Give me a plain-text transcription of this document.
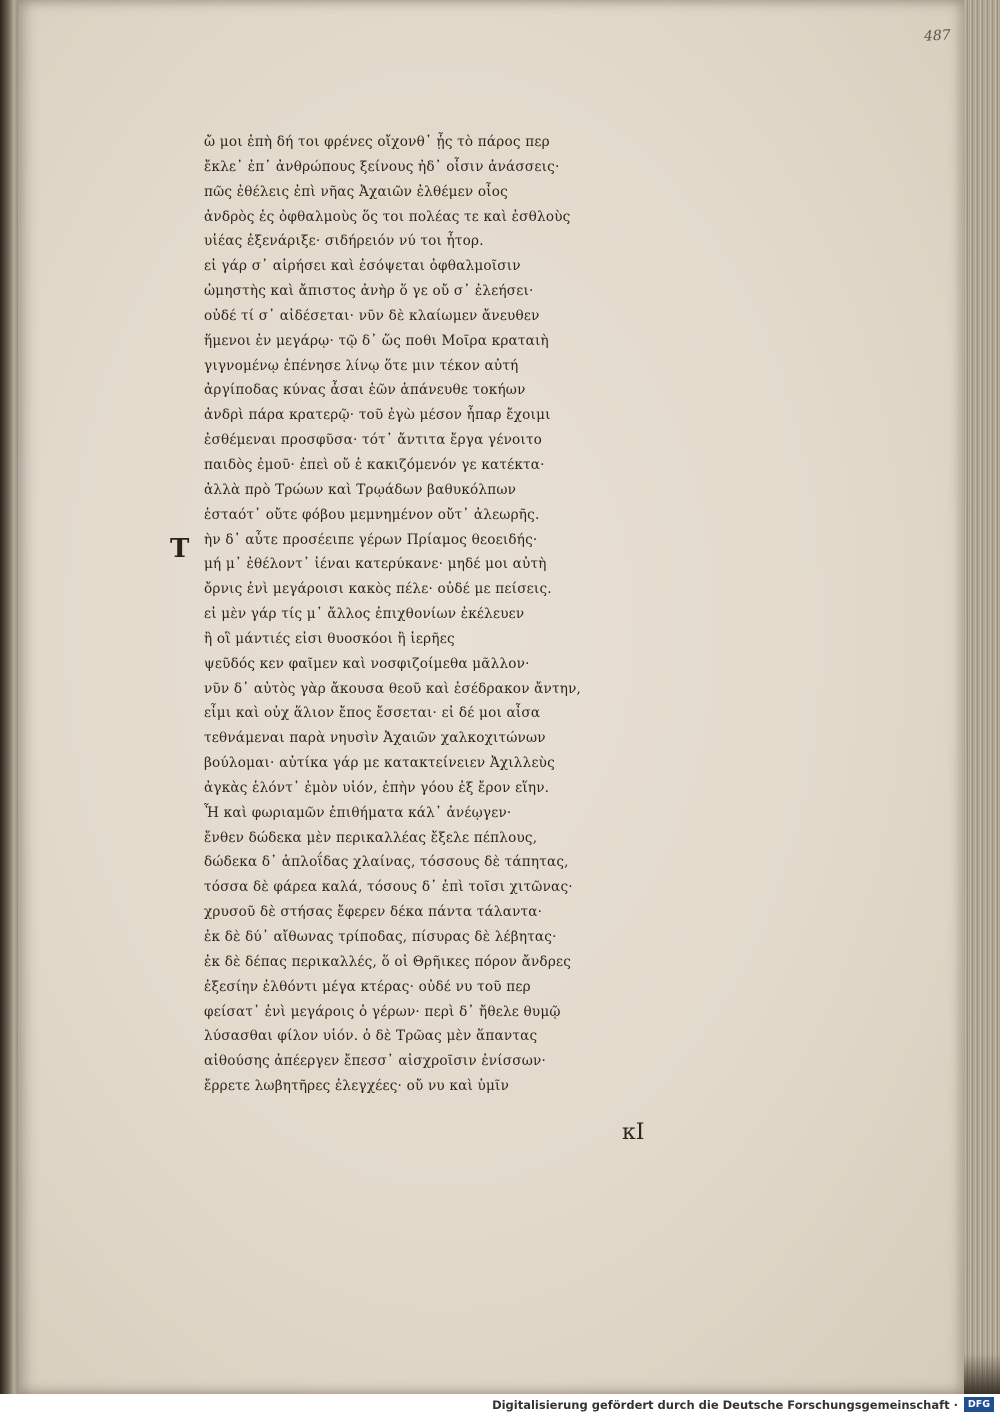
487
Τ
ὤ μοι ἐπὴ δή τοι φρένες οἴχονθ᾽ ᾗς τὸ πάρος περ
ἔκλε᾽ ἐπ᾽ ἀνθρώπους ξείνους ἠδ᾽ οἷσιν ἀνάσσεις·
πῶς ἐθέλεις ἐπὶ νῆας Ἀχαιῶν ἐλθέμεν οἶος
ἀνδρὸς ἐς ὀφθαλμοὺς ὅς τοι πολέας τε καὶ ἐσθλοὺς
υἱέας ἐξενάριξε· σιδήρειόν νύ τοι ἦτορ.
εἰ γάρ σ᾽ αἱρήσει καὶ ἐσόψεται ὀφθαλμοῖσιν
ὠμηστὴς καὶ ἄπιστος ἀνὴρ ὅ γε οὔ σ᾽ ἐλεήσει·
οὐδέ τί σ᾽ αἰδέσεται· νῦν δὲ κλαίωμεν ἄνευθεν
ἥμενοι ἐν μεγάρῳ· τῷ δ᾽ ὥς ποθι Μοῖρα κραταιὴ
γιγνομένῳ ἐπένησε λίνῳ ὅτε μιν τέκον αὐτή
ἀργίποδας κύνας ἆσαι ἑῶν ἀπάνευθε τοκήων
ἀνδρὶ πάρα κρατερῷ· τοῦ ἐγὼ μέσον ἧπαρ ἔχοιμι
ἐσθέμεναι προσφῦσα· τότ᾽ ἄντιτα ἔργα γένοιτο
παιδὸς ἐμοῦ· ἐπεὶ οὔ ἑ κακιζόμενόν γε κατέκτα·
ἀλλὰ πρὸ Τρώων καὶ Τρῳάδων βαθυκόλπων
ἑσταότ᾽ οὔτε φόβου μεμνημένον οὔτ᾽ ἀλεωρῆς.
ὴν δ᾽ αὖτε προσέειπε γέρων Πρίαμος θεοειδής·
μή μ᾽ ἐθέλοντ᾽ ἰέναι κατερύκανε· μηδέ μοι αὐτὴ
ὄρνις ἐνὶ μεγάροισι κακὸς πέλε· οὐδέ με πείσεις.
εἰ μὲν γάρ τίς μ᾽ ἄλλος ἐπιχθονίων ἐκέλευεν
ἢ οἳ μάντιές εἰσι θυοσκόοι ἢ ἱερῆες
ψεῦδός κεν φαῖμεν καὶ νοσφιζοίμεθα μᾶλλον·
νῦν δ᾽ αὐτὸς γὰρ ἄκουσα θεοῦ καὶ ἐσέδρακον ἄντην,
εἶμι καὶ οὐχ ἅλιον ἔπος ἔσσεται· εἰ δέ μοι αἶσα
τεθνάμεναι παρὰ νηυσὶν Ἀχαιῶν χαλκοχιτώνων
βούλομαι· αὐτίκα γάρ με κατακτείνειεν Ἀχιλλεὺς
ἀγκὰς ἑλόντ᾽ ἐμὸν υἱόν, ἐπὴν γόου ἐξ ἔρον εἵην.
Ἦ καὶ φωριαμῶν ἐπιθήματα κάλ᾽ ἀνέῳγεν·
ἔνθεν δώδεκα μὲν περικαλλέας ἔξελε πέπλους,
δώδεκα δ᾽ ἁπλοΐδας χλαίνας, τόσσους δὲ τάπητας,
τόσσα δὲ φάρεα καλά, τόσους δ᾽ ἐπὶ τοῖσι χιτῶνας·
χρυσοῦ δὲ στήσας ἔφερεν δέκα πάντα τάλαντα·
ἐκ δὲ δύ᾽ αἴθωνας τρίποδας, πίσυρας δὲ λέβητας·
ἐκ δὲ δέπας περικαλλές, ὅ οἱ Θρῆικες πόρον ἄνδρες
ἐξεσίην ἐλθόντι μέγα κτέρας· οὐδέ νυ τοῦ περ
φείσατ᾽ ἐνὶ μεγάροις ὁ γέρων· περὶ δ᾽ ἤθελε θυμῷ
λύσασθαι φίλον υἱόν. ὁ δὲ Τρῶας μὲν ἅπαντας
αἰθούσης ἀπέεργεν ἔπεσσ᾽ αἰσχροῖσιν ἐνίσσων·
ἔρρετε λωβητῆρες ἐλεγχέες· οὔ νυ καὶ ὑμῖν
κΙ
Digitalisierung gefördert durch die Deutsche Forschungsgemeinschaft ·	DFG
